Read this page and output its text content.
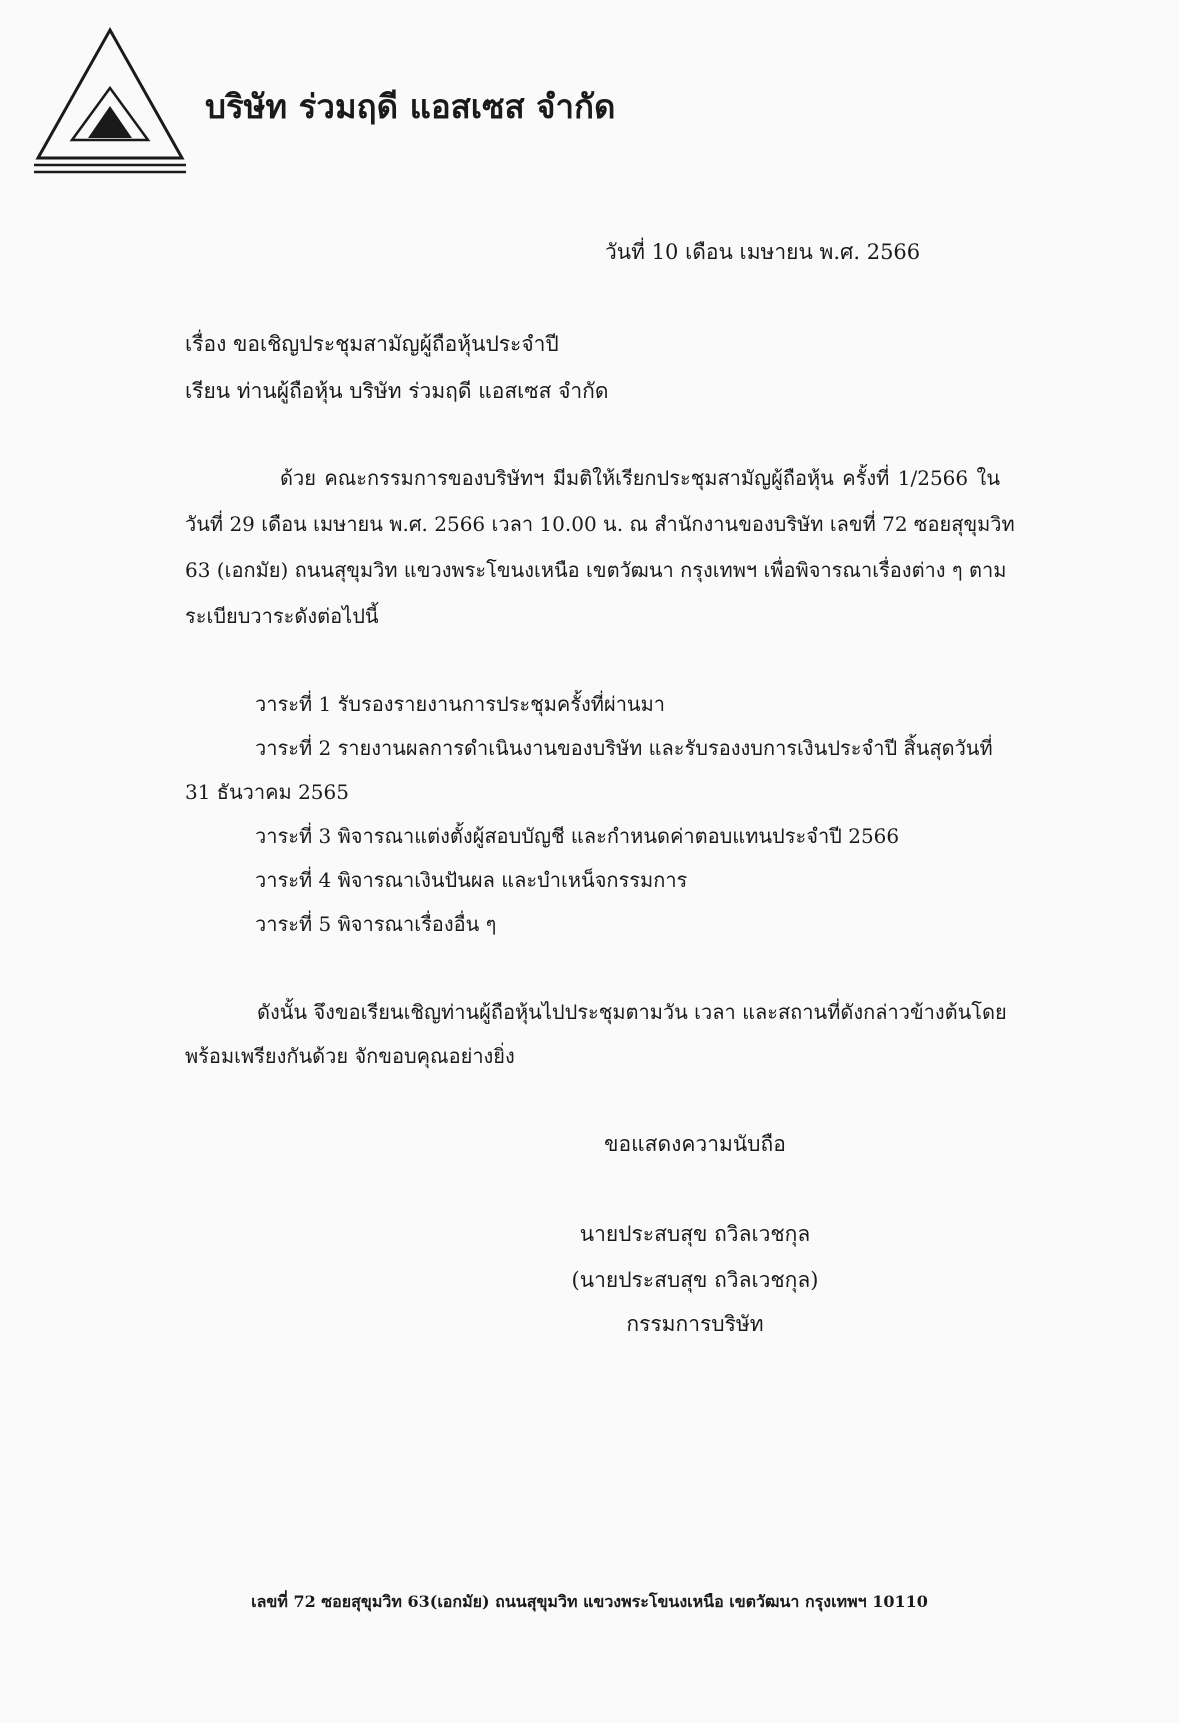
บริษัท ร่วมฤดี แอสเซส จำกัด
วันที่ 10 เดือน เมษายน พ.ศ. 2566
เรื่อง ขอเชิญประชุมสามัญผู้ถือหุ้นประจำปี
เรียน ท่านผู้ถือหุ้น บริษัท ร่วมฤดี แอสเซส จำกัด
ด้วย คณะกรรมการของบริษัทฯ มีมติให้เรียกประชุมสามัญผู้ถือหุ้น ครั้งที่ 1/2566 ใน
วันที่ 29 เดือน เมษายน พ.ศ. 2566 เวลา 10.00 น. ณ สำนักงานของบริษัท เลขที่ 72 ซอยสุขุมวิท
63 (เอกมัย) ถนนสุขุมวิท แขวงพระโขนงเหนือ เขตวัฒนา กรุงเทพฯ เพื่อพิจารณาเรื่องต่าง ๆ ตาม
ระเบียบวาระดังต่อไปนี้
วาระที่ 1 รับรองรายงานการประชุมครั้งที่ผ่านมา
วาระที่ 2 รายงานผลการดำเนินงานของบริษัท และรับรองงบการเงินประจำปี สิ้นสุดวันที่
31 ธันวาคม 2565
วาระที่ 3 พิจารณาแต่งตั้งผู้สอบบัญชี และกำหนดค่าตอบแทนประจำปี 2566
วาระที่ 4 พิจารณาเงินปันผล และบำเหน็จกรรมการ
วาระที่ 5 พิจารณาเรื่องอื่น ๆ
ดังนั้น จึงขอเรียนเชิญท่านผู้ถือหุ้นไปประชุมตามวัน เวลา และสถานที่ดังกล่าวข้างต้นโดย
พร้อมเพรียงกันด้วย จักขอบคุณอย่างยิ่ง
ขอแสดงความนับถือ
นายประสบสุข ถวิลเวชกุล
(นายประสบสุข ถวิลเวชกุล)
กรรมการบริษัท
เลขที่ 72 ซอยสุขุมวิท 63(เอกมัย) ถนนสุขุมวิท แขวงพระโขนงเหนือ เขตวัฒนา กรุงเทพฯ 10110
